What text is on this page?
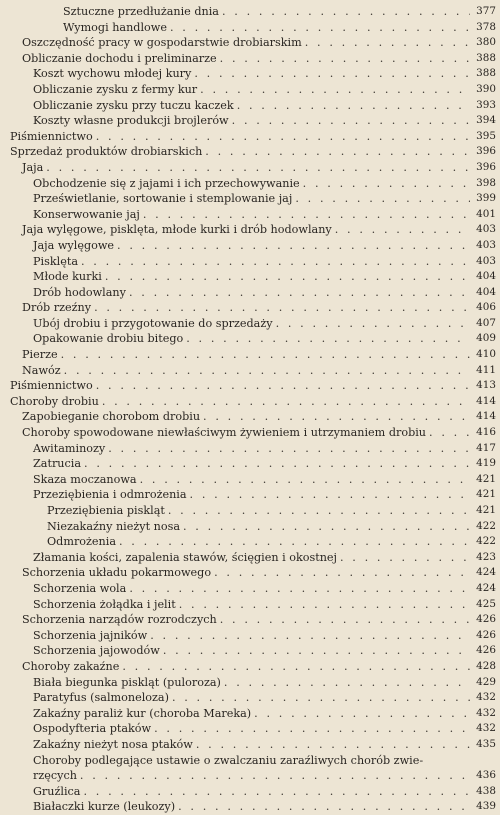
Sztuczne przedłużanie dnia . . .	377
Wymogi handlowe . . .	378
Oszczędność pracy w gospodarstwie drobiarskim . . .	380
Obliczanie dochodu i preliminarze . . .	388
Koszt wychowu młodej kury . . .	388
Obliczanie zysku z fermy kur . . .	390
Obliczanie zysku przy tuczu kaczek . . .	393
Koszty własne produkcji brojlerów . . .	394
Piśmiennictwo . . .	395
Sprzedaż produktów drobiarskich . . .	396
Jaja . . .	396
Obchodzenie się z jajami i ich przechowywanie . . .	398
Prześwietlanie, sortowanie i stemplowanie jaj . . .	399
Konserwowanie jaj . . .	401
Jaja wylęgowe, pisklęta, młode kurki i drób hodowlany . . .	403
Jaja wylęgowe . . .	403
Pisklęta . . .	403
Młode kurki . . .	404
Drób hodowlany . . .	404
Drób rzeźny . . .	406
Ubój drobiu i przygotowanie do sprzedaży . . .	407
Opakowanie drobiu bitego . . .	409
Pierze . . .	410
Nawóz . . .	411
Piśmiennictwo . . .	413
Choroby drobiu . . .	414
Zapobieganie chorobom drobiu . . .	414
Choroby spowodowane niewłaściwym żywieniem i utrzymaniem drobiu . . .	416
Awitaminozy . . .	417
Zatrucia . . .	419
Skaza moczanowa . . .	421
Przeziębienia i odmrożenia . . .	421
Przeziębienia piskląt . . .	421
Niezakaźny nieżyt nosa . . .	422
Odmrożenia . . .	422
Złamania kości, zapalenia stawów, ścięgien i okostnej . . .	423
Schorzenia układu pokarmowego . . .	424
Schorzenia wola . . .	424
Schorzenia żołądka i jelit . . .	425
Schorzenia narządów rozrodczych . . .	426
Schorzenia jajników . . .	426
Schorzenia jajowodów . . .	426
Choroby zakaźne . . .	428
Biała biegunka piskląt (puloroza) . . .	429
Paratyfus (salmoneloza) . . .	432
Zakaźny paraliż kur (choroba Mareka) . . .	432
Ospodyfteria ptaków . . .	432
Zakaźny nieżyt nosa ptaków . . .	435
Choroby podlegające ustawie o zwalczaniu zaraźliwych chorób zwie-
rzęcych . . .	436
Gruźlica . . .	438
Białaczki kurze (leukozy) . . .	439
